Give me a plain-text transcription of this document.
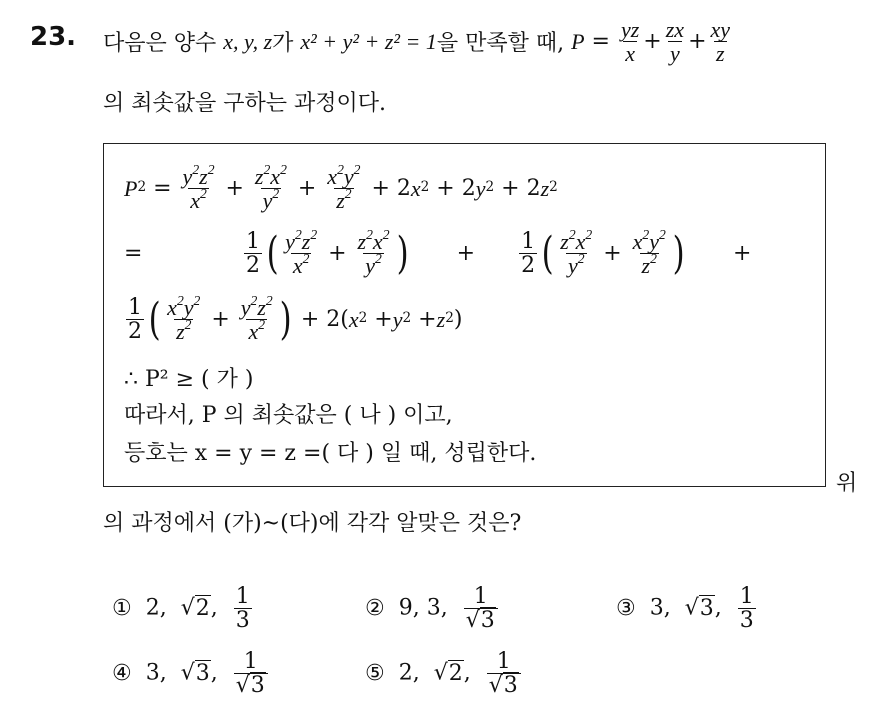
23. 다음은 양수
x, y, z 가
x² + y² + z² = 1 을 만족할 때,
$P = \frac{yz}{x} + \frac{zx}{y} + \frac{xy}{z}$
의 최솟값을 구하는 과정이다.
$P^2 = \frac{y^2z^2}{x^2} + \frac{z^2x^2}{y^2} + \frac{x^2y^2}{z^2} + 2$ $x^2 + 2$ $y^2 + 2$ $z^2$
=	$\frac{1}{2}$ ( $\frac{y^2z^2}{x^2} + \frac{z^2x^2}{y^2}$ ) + $\frac{1}{2}$ ( $\frac{z^2x^2}{y^2} + \frac{x^2y^2}{z^2}$ ) +
$\frac{1}{2}$ ( $\frac{x^2y^2}{z^2} + \frac{y^2z^2}{x^2}$ ) + 2( $x^2 + y^2 + z^2$ )
∴ P² ≥ ( 가 )
따라서, P 의 최솟값은 ( 나 ) 이고,
등호는 x = y = z =( 다 ) 일 때, 성립한다.
위
의 과정에서 (가)~(다)에 각각 알맞은 것은?
① 2,  √2, $\frac{1}{3}$	② 9, 3, $\frac{1}{√3}$	③ 3,  √3, $\frac{1}{3}$
④ 3,  √3, $\frac{1}{√3}$	⑤ 2,  √2, $\frac{1}{√3}$
